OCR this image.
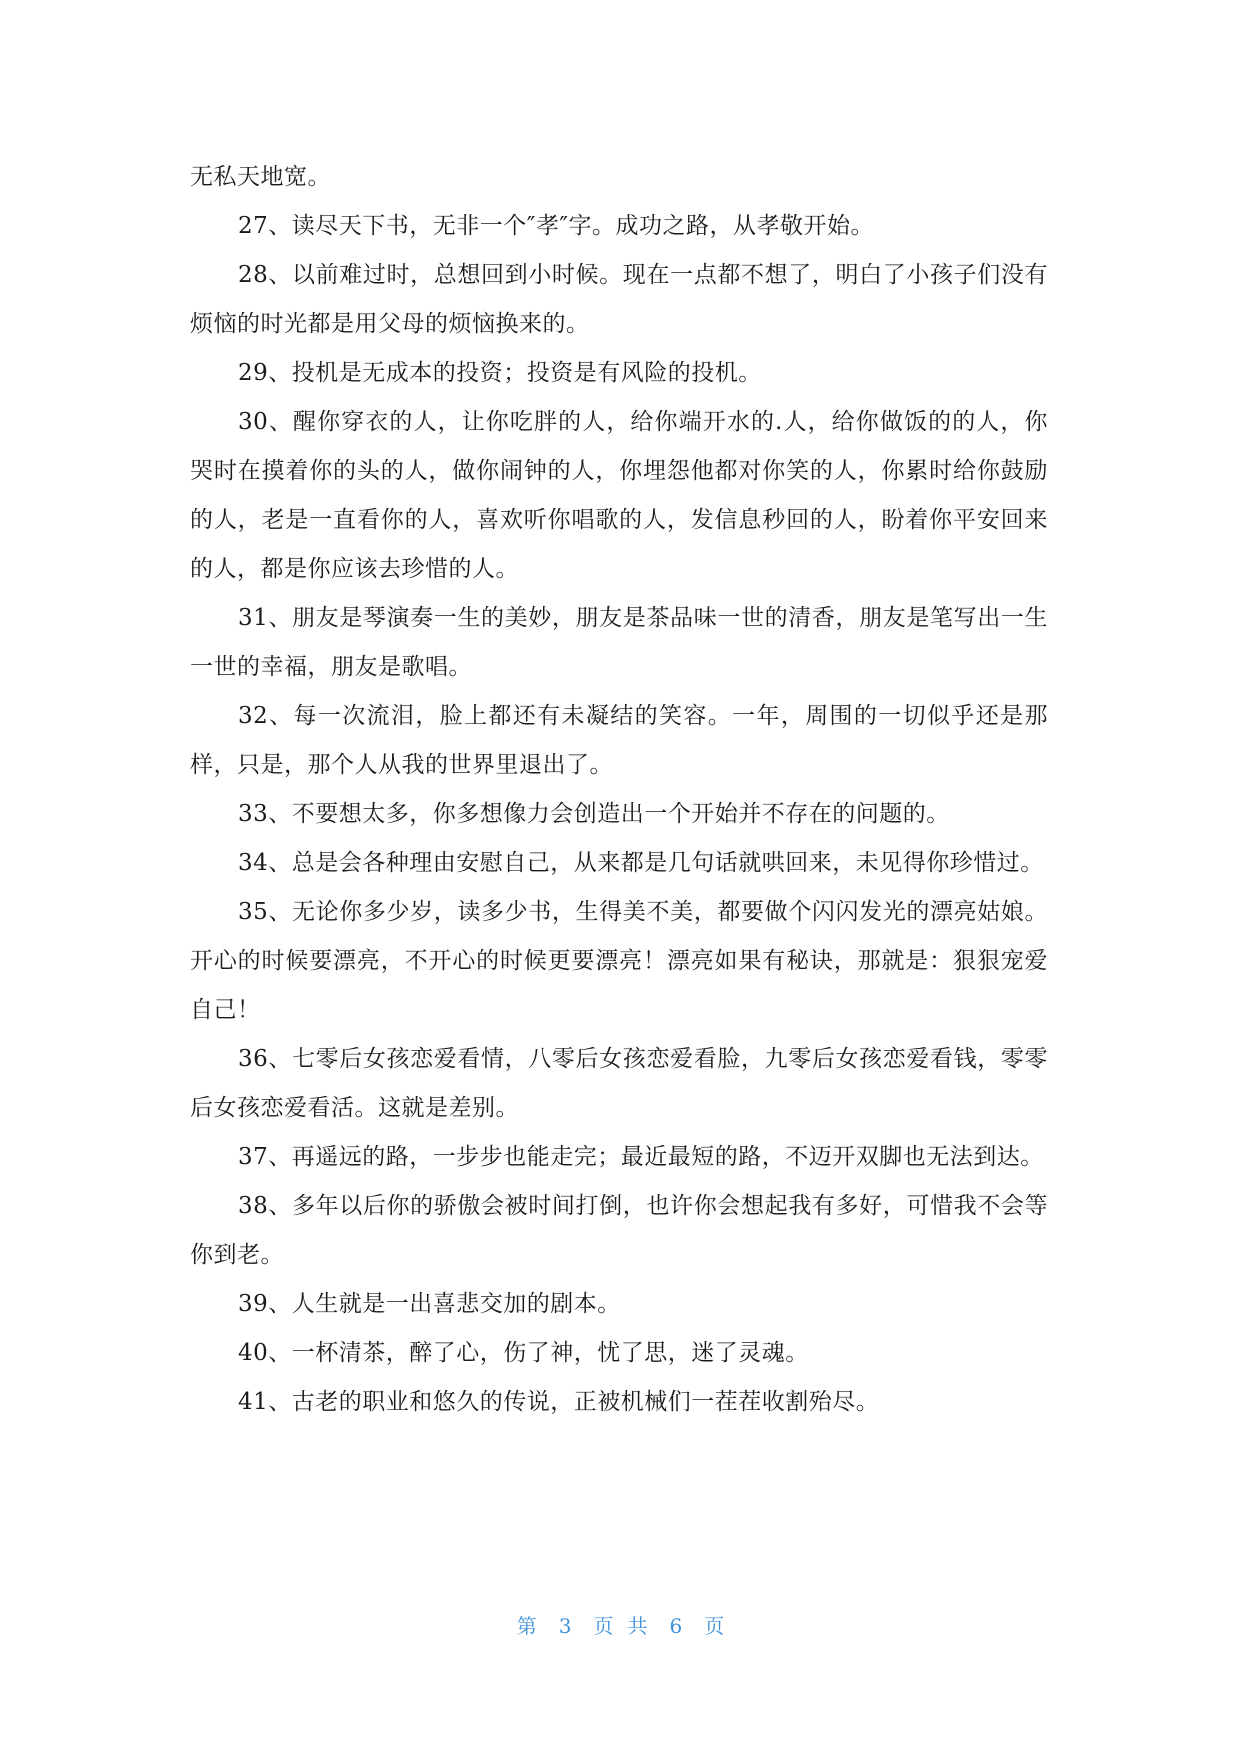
无私天地宽。

27、读尽天下书，无非一个″孝″字。成功之路，从孝敬开始。

28、以前难过时，总想回到小时候。现在一点都不想了，明白了小孩子们没有烦恼的时光都是用父母的烦恼换来的。

29、投机是无成本的投资；投资是有风险的投机。

30、醒你穿衣的人，让你吃胖的人，给你端开水的.人，给你做饭的的人，你哭时在摸着你的头的人，做你闹钟的人，你埋怨他都对你笑的人，你累时给你鼓励的人，老是一直看你的人，喜欢听你唱歌的人，发信息秒回的人，盼着你平安回来的人，都是你应该去珍惜的人。

31、朋友是琴演奏一生的美妙，朋友是茶品味一世的清香，朋友是笔写出一生一世的幸福，朋友是歌唱。

32、每一次流泪，脸上都还有未凝结的笑容。一年，周围的一切似乎还是那样，只是，那个人从我的世界里退出了。

33、不要想太多，你多想像力会创造出一个开始并不存在的问题的。

34、总是会各种理由安慰自己，从来都是几句话就哄回来，未见得你珍惜过。

35、无论你多少岁，读多少书，生得美不美，都要做个闪闪发光的漂亮姑娘。开心的时候要漂亮，不开心的时候更要漂亮！漂亮如果有秘诀，那就是：狠狠宠爱自己！

36、七零后女孩恋爱看情，八零后女孩恋爱看脸，九零后女孩恋爱看钱，零零后女孩恋爱看活。这就是差别。

37、再遥远的路，一步步也能走完；最近最短的路，不迈开双脚也无法到达。

38、多年以后你的骄傲会被时间打倒，也许你会想起我有多好，可惜我不会等你到老。

39、人生就是一出喜悲交加的剧本。

40、一杯清茶，醉了心，伤了神，忧了思，迷了灵魂。

41、古老的职业和悠久的传说，正被机械们一茬茬收割殆尽。

第 3 页共 6 页
